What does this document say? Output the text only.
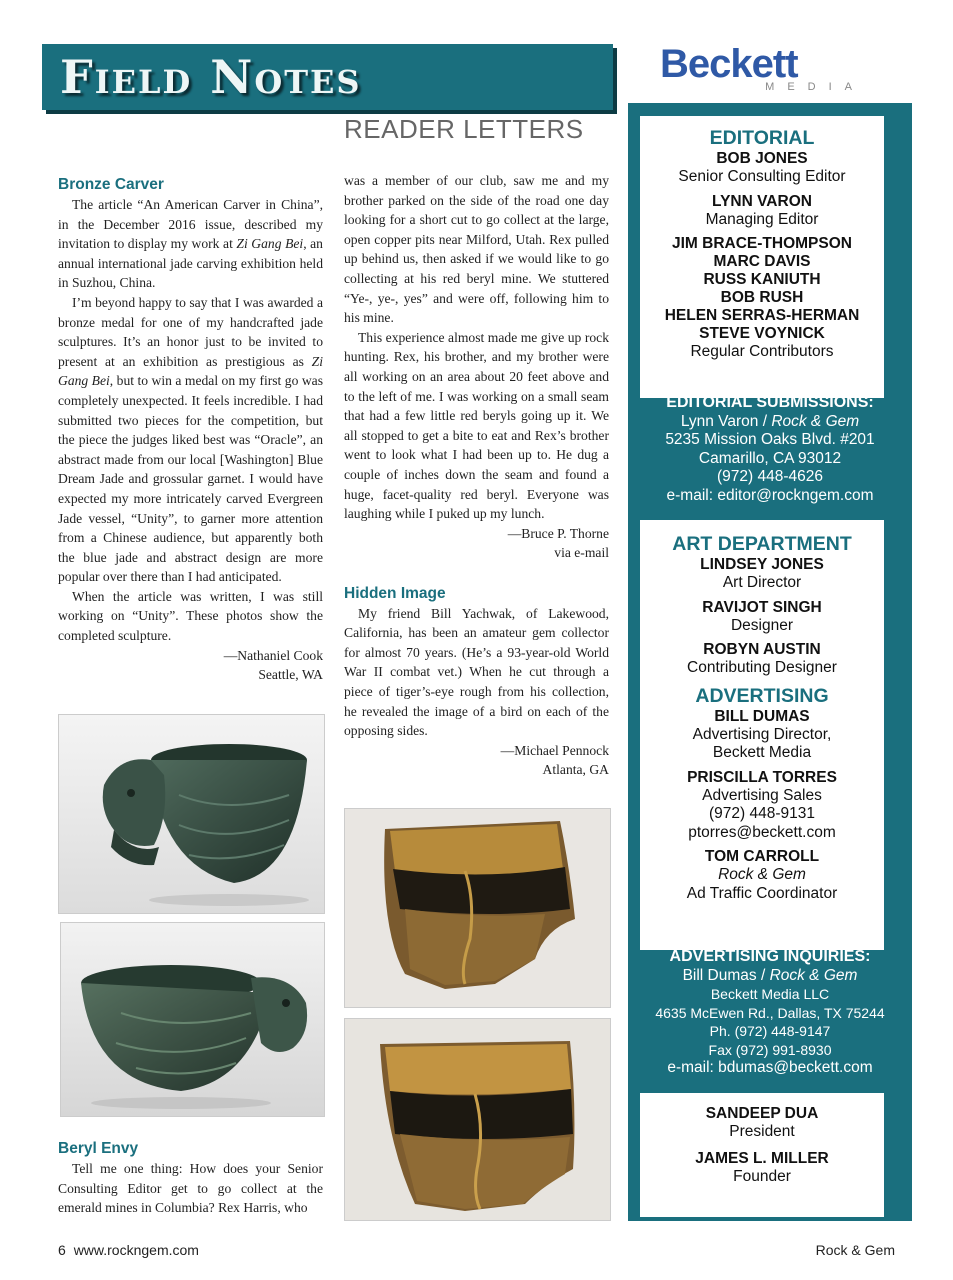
Field Notes	Beckett
MEDIA
READER LETTERS
Bronze Carver

The article “An American Carver in China”, in the December 2016 issue, described my invitation to display my work at Zi Gang Bei, an annual international jade carving exhibition held in Suzhou, China.

I’m beyond happy to say that I was awarded a bronze medal for one of my handcrafted jade sculptures. It’s an honor just to be invited to present at an exhibition as prestigious as Zi Gang Bei, but to win a medal on my first go was completely unexpected. It feels incredible. I had submitted two pieces for the competition, but the piece the judges liked best was “Oracle”, an abstract made from our local [Washington] Blue Dream Jade and grossular garnet. I would have expected my more intricately carved Evergreen Jade vessel, “Unity”, to garner more attention from a Chinese audience, but apparently both the blue jade and abstract design are more popular over there than I had anticipated.

When the article was written, I was still working on “Unity”. These photos show the completed sculpture.

—Nathaniel Cook
Seattle, WA
Beryl Envy

Tell me one thing: How does your Senior Consulting Editor get to go collect at the emerald mines in Columbia? Rex Harris, who

was a member of our club, saw me and my brother parked on the side of the road one day looking for a short cut to go collect at the large, open copper pits near Milford, Utah. Rex pulled up behind us, then asked if we would like to go collecting at his red beryl mine. We stuttered “Ye-, ye-, yes” and were off, following him to his mine.

This experience almost made me give up rock hunting. Rex, his brother, and my brother were all working on an area about 20 feet above and to the left of me. I was working on a small seam that had a few little red beryls going up it. We all stopped to get a bite to eat and Rex’s brother went to look what I had been up to. He dug a couple of inches down the seam and found a huge, facet-quality red beryl. Everyone was laughing while I puked up my lunch.

—Bruce P. Thorne
via e-mail
Hidden Image

My friend Bill Yachwak, of Lakewood, California, has been an amateur gem collector for almost 70 years. (He’s a 93-year-old World War II combat vet.) When he cut through a piece of tiger’s-eye rough from his collection, he revealed the image of a bird on each of the opposing sides.

—Michael Pennock
Atlanta, GA
EDITORIAL
BOB JONES
Senior Consulting Editor
LYNN VARON
Managing Editor
JIM BRACE-THOMPSON
MARC DAVIS
RUSS KANIUTH
BOB RUSH
HELEN SERRAS-HERMAN
STEVE VOYNICK
Regular Contributors
EDITORIAL SUBMISSIONS:
Lynn Varon / Rock & Gem
5235 Mission Oaks Blvd. #201
Camarillo, CA 93012
(972) 448-4626
e-mail: editor@rockngem.com
ART DEPARTMENT
LINDSEY JONES
Art Director
RAVIJOT SINGH
Designer
ROBYN AUSTIN
Contributing Designer
ADVERTISING
BILL DUMAS
Advertising Director,
Beckett Media
PRISCILLA TORRES
Advertising Sales
(972) 448-9131
ptorres@beckett.com
TOM CARROLL
Rock & Gem
Ad Traffic Coordinator
ADVERTISING INQUIRIES:
Bill Dumas / Rock & Gem
Beckett Media LLC
4635 McEwen Rd., Dallas, TX 75244
Ph. (972) 448-9147
Fax (972) 991-8930
e-mail: bdumas@beckett.com
SANDEEP DUA
President
JAMES L. MILLER
Founder
6 www.rockngem.com	Rock & Gem
